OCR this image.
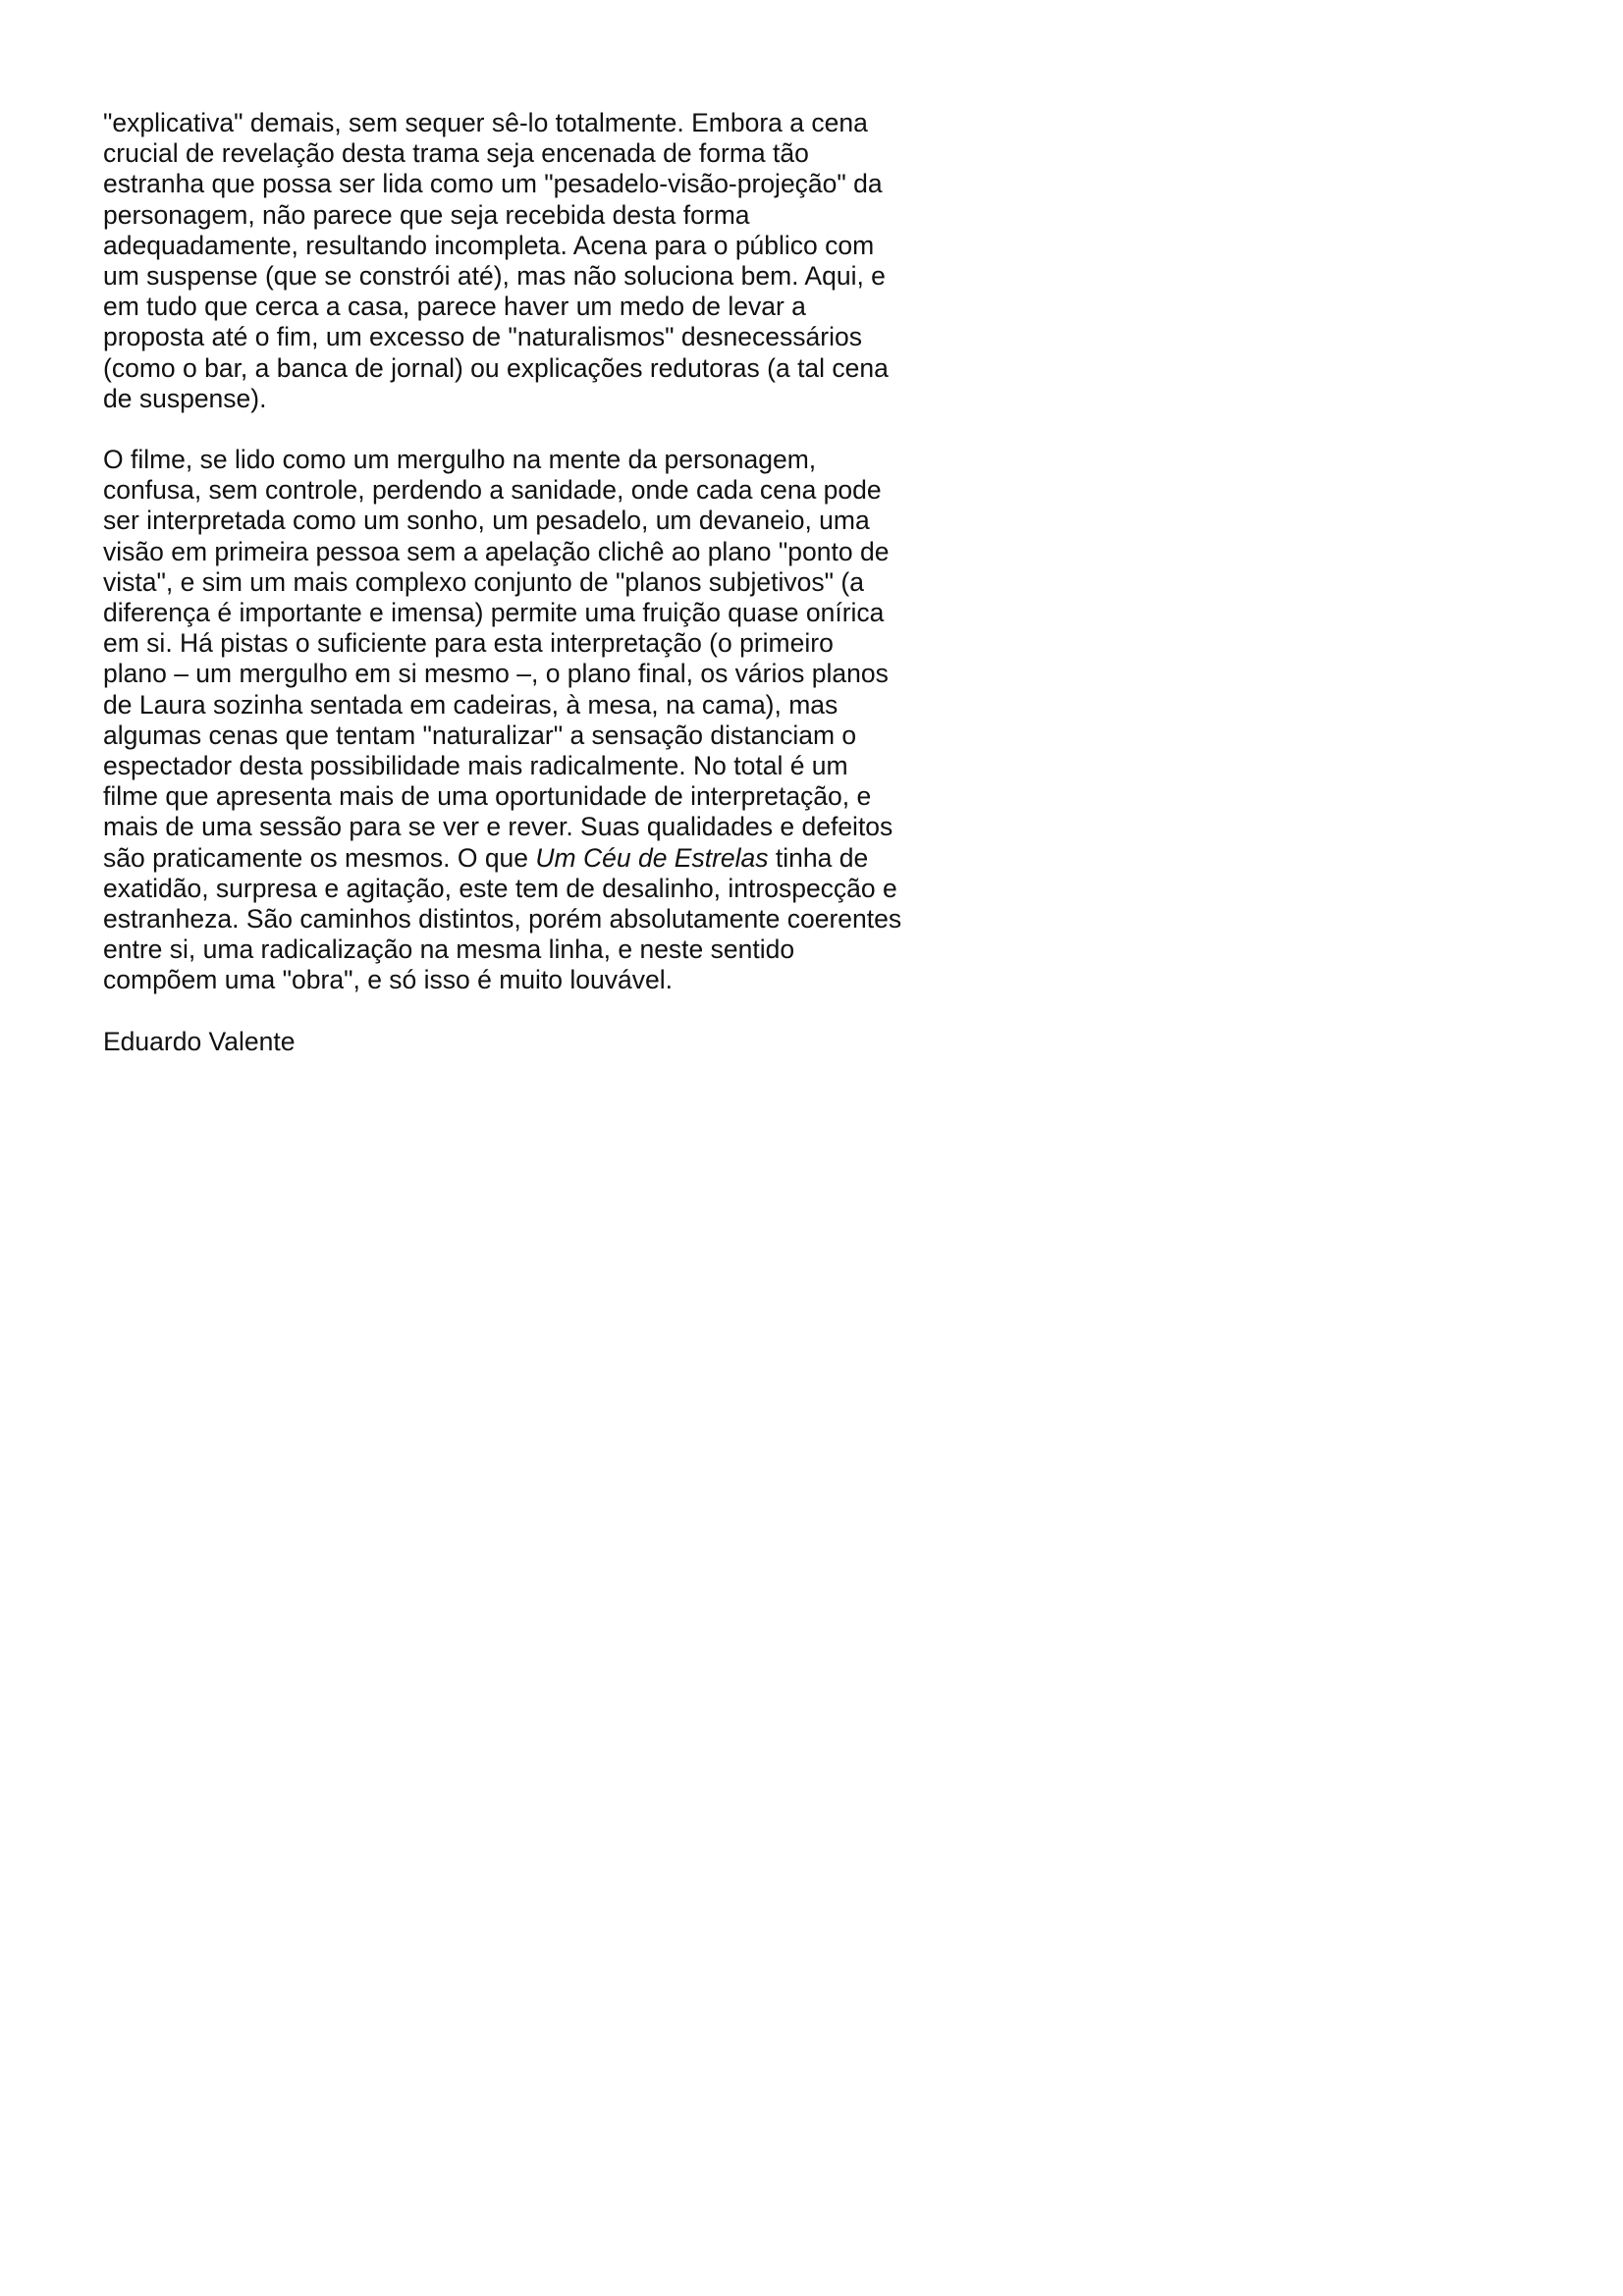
"explicativa" demais, sem sequer sê-lo totalmente. Embora a cena
crucial de revelação desta trama seja encenada de forma tão
estranha que possa ser lida como um "pesadelo-visão-projeção" da
personagem, não parece que seja recebida desta forma
adequadamente, resultando incompleta. Acena para o público com
um suspense (que se constrói até), mas não soluciona bem. Aqui, e
em tudo que cerca a casa, parece haver um medo de levar a
proposta até o fim, um excesso de "naturalismos" desnecessários
(como o bar, a banca de jornal) ou explicações redutoras (a tal cena
de suspense).
O filme, se lido como um mergulho na mente da personagem,
confusa, sem controle, perdendo a sanidade, onde cada cena pode
ser interpretada como um sonho, um pesadelo, um devaneio, uma
visão em primeira pessoa sem a apelação clichê ao plano "ponto de
vista", e sim um mais complexo conjunto de "planos subjetivos" (a
diferença é importante e imensa) permite uma fruição quase onírica
em si. Há pistas o suficiente para esta interpretação (o primeiro
plano – um mergulho em si mesmo –, o plano final, os vários planos
de Laura sozinha sentada em cadeiras, à mesa, na cama), mas
algumas cenas que tentam "naturalizar" a sensação distanciam o
espectador desta possibilidade mais radicalmente. No total é um
filme que apresenta mais de uma oportunidade de interpretação, e
mais de uma sessão para se ver e rever. Suas qualidades e defeitos
são praticamente os mesmos. O que Um Céu de Estrelas tinha de
exatidão, surpresa e agitação, este tem de desalinho, introspecção e
estranheza. São caminhos distintos, porém absolutamente coerentes
entre si, uma radicalização na mesma linha, e neste sentido
compõem uma "obra", e só isso é muito louvável.
Eduardo Valente
